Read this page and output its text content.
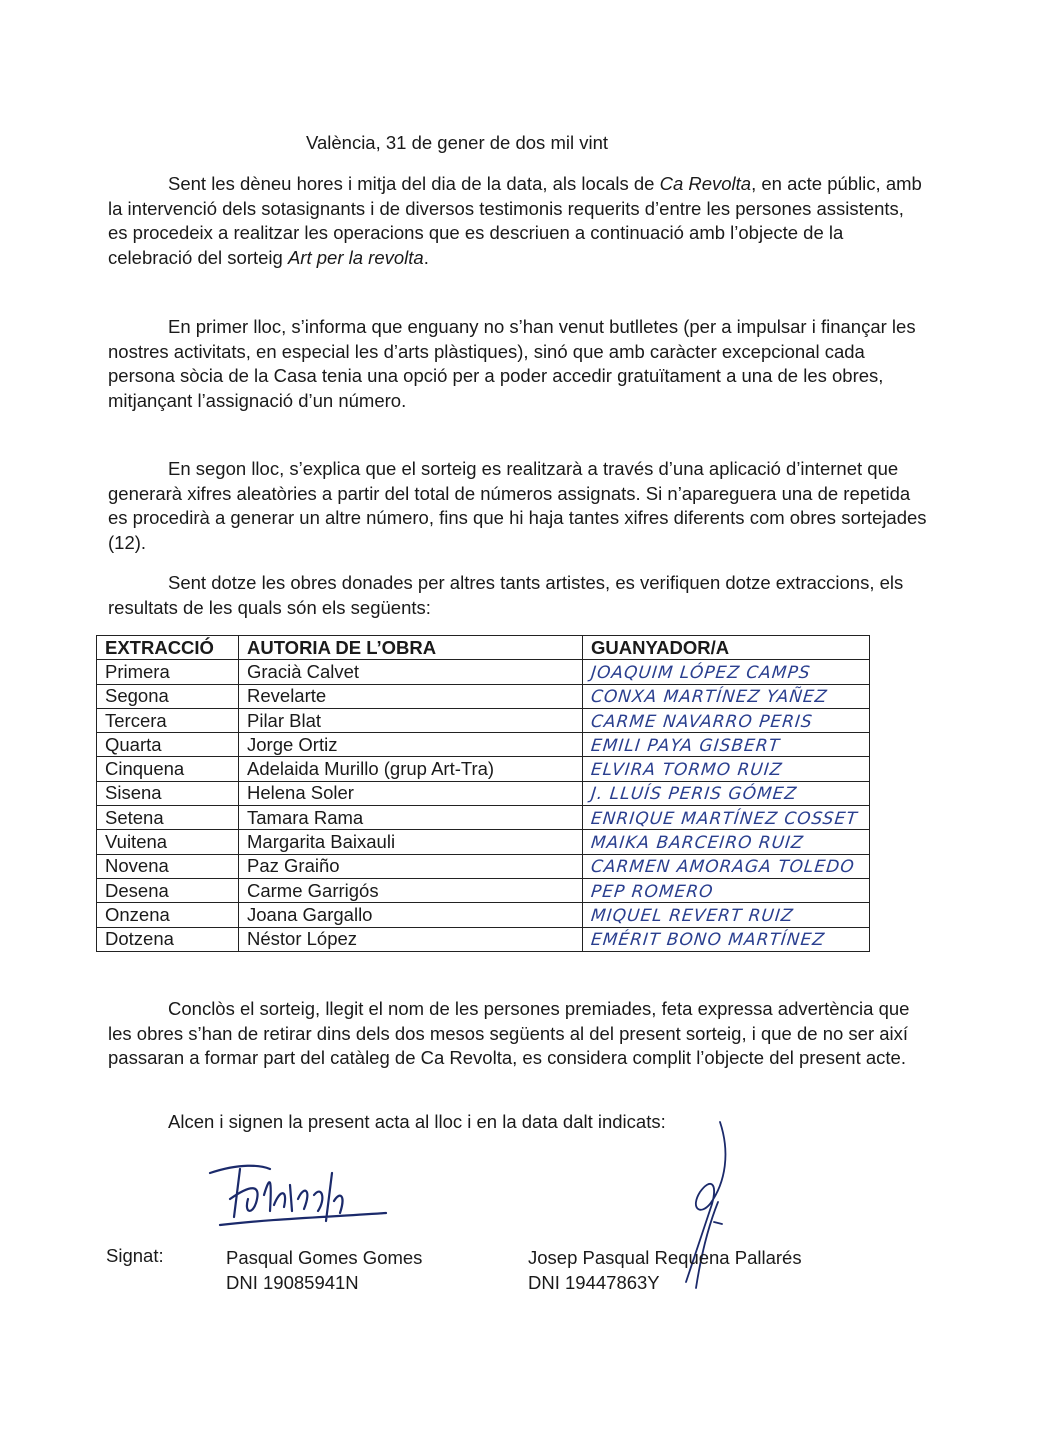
València, 31 de gener de dos mil vint

Sent les dèneu hores i mitja del dia de la data, als locals de Ca Revolta, en acte públic, amb la intervenció dels sotasignants i de diversos testimonis requerits d’entre les persones assistents, es procedeix a realitzar les operacions que es descriuen a continuació amb l’objecte de la celebració del sorteig Art per la revolta.

En primer lloc, s’informa que enguany no s’han venut butlletes (per a impulsar i finançar les nostres activitats, en especial les d’arts plàstiques), sinó que amb caràcter excepcional cada persona sòcia de la Casa tenia una opció per a poder accedir gratuïtament a una de les obres, mitjançant l’assignació d’un número.

En segon lloc, s’explica que el sorteig es realitzarà a través d’una aplicació d’internet que generarà xifres aleatòries a partir del total de números assignats. Si n’apareguera una de repetida es procedirà a generar un altre número, fins que hi haja tantes xifres diferents com obres sortejades (12).

Sent dotze les obres donades per altres tants artistes, es verifiquen dotze extraccions, els resultats de les quals són els següents:

EXTRACCIÓ	AUTORIA DE L’OBRA	GUANYADOR/A
Primera	Gracià Calvet	JOAQUIM LÓPEZ CAMPS
Segona	Revelarte	CONXA MARTÍNEZ YAÑEZ
Tercera	Pilar Blat	CARME NAVARRO PERIS
Quarta	Jorge Ortiz	EMILI PAYA GISBERT
Cinquena	Adelaida Murillo (grup Art-Tra)	ELVIRA TORMO RUIZ
Sisena	Helena Soler	J. LLUÍS PERIS GÓMEZ
Setena	Tamara Rama	ENRIQUE MARTÍNEZ COSSET
Vuitena	Margarita Baixauli	MAIKA BARCEIRO RUIZ
Novena	Paz Graiño	CARMEN AMORAGA TOLEDO
Desena	Carme Garrigós	PEP ROMERO
Onzena	Joana Gargallo	MIQUEL REVERT RUIZ
Dotzena	Néstor López	EMÉRIT BONO MARTÍNEZ

Conclòs el sorteig, llegit el nom de les persones premiades, feta expressa advertència que les obres s’han de retirar dins dels dos mesos següents al del present sorteig, i que de no ser així passaran a formar part del catàleg de Ca Revolta, es considera complit l’objecte del present acte.

Alcen i signen la present acta al lloc i en la data dalt indicats:

Signat:	Pasqual Gomes Gomes
DNI 19085941N
Josep Pasqual Requena Pallarés
DNI 19447863Y
